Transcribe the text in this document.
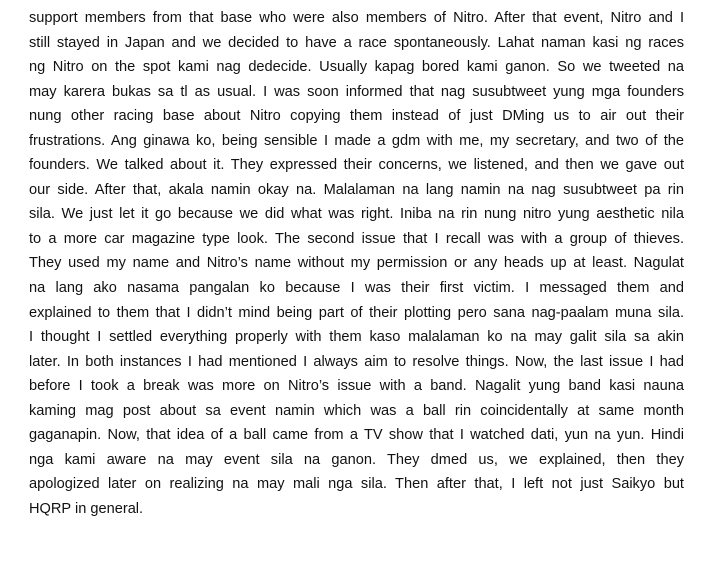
support members from that base who were also members of Nitro. After that event, Nitro and I
still stayed in Japan and we decided to have a race spontaneously. Lahat naman kasi ng races
ng Nitro on the spot kami nag dedecide. Usually kapag bored kami ganon. So we tweeted na
may karera bukas sa tl as usual. I was soon informed that nag susubtweet yung mga founders
nung other racing base about Nitro copying them instead of just DMing us to air out their
frustrations. Ang ginawa ko, being sensible I made a gdm with me, my secretary, and two of the
founders. We talked about it. They expressed their concerns, we listened, and then we gave out
our side. After that, akala namin okay na. Malalaman na lang namin na nag susubtweet pa rin
sila. We just let it go because we did what was right. Iniba na rin nung nitro yung aesthetic nila
to a more car magazine type look. The second issue that I recall was with a group of thieves.
They used my name and Nitro’s name without my permission or any heads up at least. Nagulat
na lang ako nasama pangalan ko because I was their first victim. I messaged them and
explained to them that I didn’t mind being part of their plotting pero sana nag-paalam muna sila.
I thought I settled everything properly with them kaso malalaman ko na may galit sila sa akin
later. In both instances I had mentioned I always aim to resolve things. Now, the last issue I had
before I took a break was more on Nitro’s issue with a band. Nagalit yung band kasi nauna
kaming mag post about sa event namin which was a ball rin coincidentally at same month
gaganapin. Now, that idea of a ball came from a TV show that I watched dati, yun na yun. Hindi
nga kami aware na may event sila na ganon. They dmed us, we explained, then they
apologized later on realizing na may mali nga sila. Then after that, I left not just Saikyo but
HQRP in general.
